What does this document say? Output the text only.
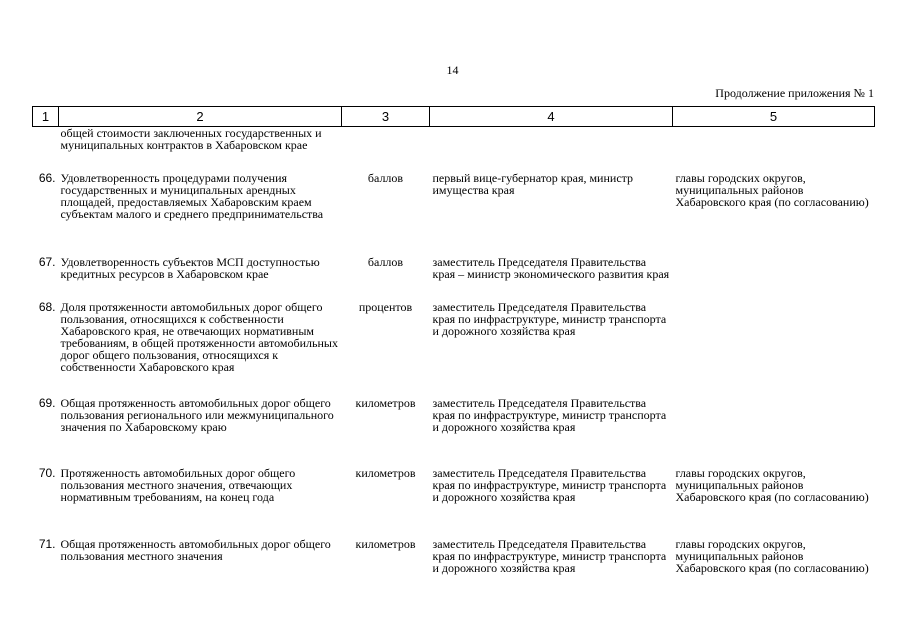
14
Продолжение приложения № 1
1	2	3	4	5
	общей стоимости заключенных государственных и муниципальных контрактов в Хабаровском крае			
66.	Удовлетворенность процедурами получения государственных и муниципальных арендных площадей, предоставляемых Хабаровским краем субъектам малого и среднего предпринимательства	баллов	первый вице-губернатор края, министр имущества края	главы городских округов, муниципальных районов Хабаровского края (по согласованию)
67.	Удовлетворенность субъектов МСП доступностью кредитных ресурсов в Хабаровском крае	баллов	заместитель Председателя Правительства края – министр экономического развития края	
68.	Доля протяженности автомобильных дорог общего пользования, относящихся к собственности Хабаровского края, не отвечающих нормативным требованиям, в общей протяженности автомобильных дорог общего пользования, относящихся к собственности Хабаровского края	процентов	заместитель Председателя Правительства края по инфраструктуре, министр транспорта и дорожного хозяйства края	
69.	Общая протяженность автомобильных дорог общего пользования регионального или межмуниципального значения по Хабаровскому краю	километров	заместитель Председателя Правительства края по инфраструктуре, министр транспорта и дорожного хозяйства края	
70.	Протяженность автомобильных дорог общего пользования местного значения, отвечающих нормативным требованиям, на конец года	километров	заместитель Председателя Правительства края по инфраструктуре, министр транспорта и дорожного хозяйства края	главы городских округов, муниципальных районов Хабаровского края (по согласованию)
71.	Общая протяженность автомобильных дорог общего пользования местного значения	километров	заместитель Председателя Правительства края по инфраструктуре, министр транспорта и дорожного хозяйства края	главы городских округов, муниципальных районов Хабаровского края (по согласованию)
